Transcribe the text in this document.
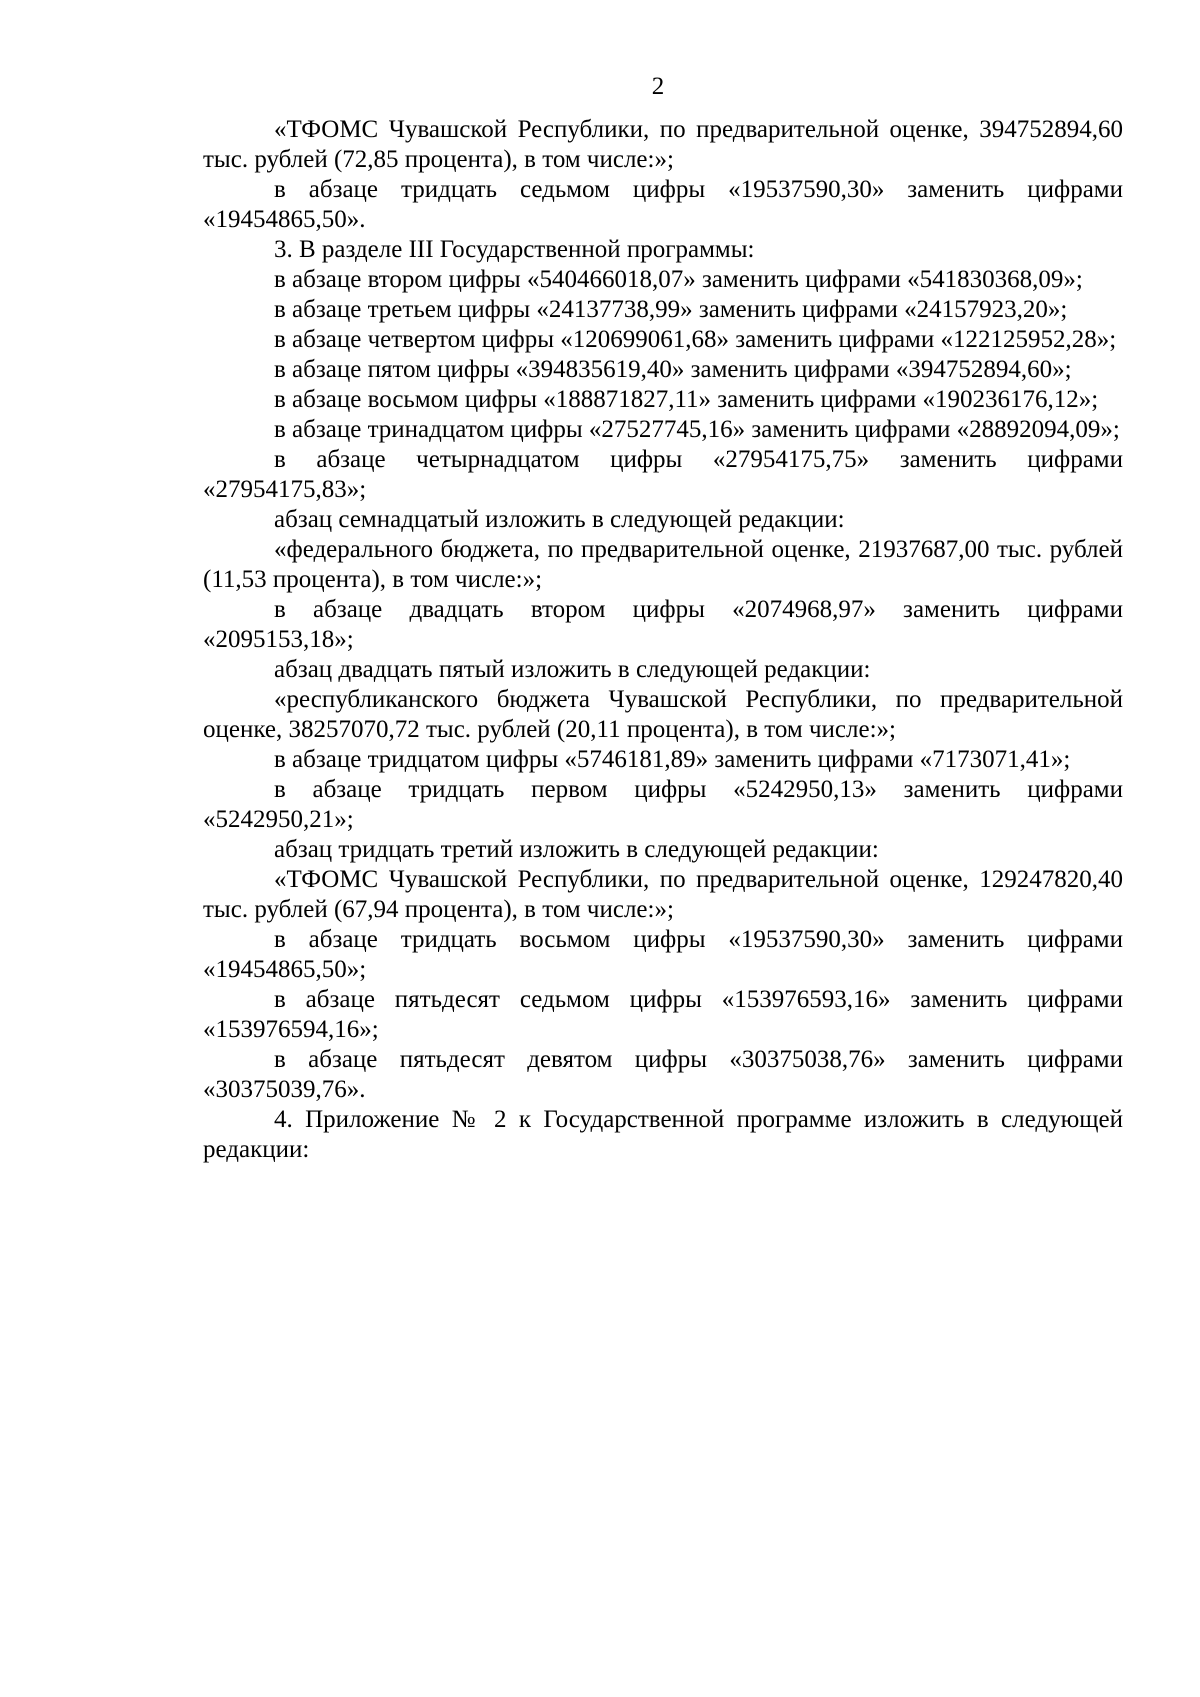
2

«ТФОМС Чувашской Республики, по предварительной оценке, 394752894,60 тыс. рублей (72,85 процента), в том числе:»;

в абзаце тридцать седьмом цифры «19537590,30» заменить цифрами «19454865,50».

3. В разделе III Государственной программы:

в абзаце втором цифры «540466018,07» заменить цифрами «541830368,09»;

в абзаце третьем цифры «24137738,99» заменить цифрами «24157923,20»;

в абзаце четвертом цифры «120699061,68» заменить цифрами «122125952,28»;

в абзаце пятом цифры «394835619,40» заменить цифрами «394752894,60»;

в абзаце восьмом цифры «188871827,11» заменить цифрами «190236176,12»;

в абзаце тринадцатом цифры «27527745,16» заменить цифрами «28892094,09»;

в абзаце четырнадцатом цифры «27954175,75» заменить цифрами «27954175,83»;

абзац семнадцатый изложить в следующей редакции:

«федерального бюджета, по предварительной оценке, 21937687,00 тыс. рублей (11,53 процента), в том числе:»;

в абзаце двадцать втором цифры «2074968,97» заменить цифрами «2095153,18»;

абзац двадцать пятый изложить в следующей редакции:

«республиканского бюджета Чувашской Республики, по предварительной оценке, 38257070,72 тыс. рублей (20,11 процента), в том числе:»;

в абзаце тридцатом цифры «5746181,89» заменить цифрами «7173071,41»;

в абзаце тридцать первом цифры «5242950,13» заменить цифрами «5242950,21»;

абзац тридцать третий изложить в следующей редакции:

«ТФОМС Чувашской Республики, по предварительной оценке, 129247820,40 тыс. рублей (67,94 процента), в том числе:»;

в абзаце тридцать восьмом цифры «19537590,30» заменить цифрами «19454865,50»;

в абзаце пятьдесят седьмом цифры «153976593,16» заменить цифрами «153976594,16»;

в абзаце пятьдесят девятом цифры «30375038,76» заменить цифрами «30375039,76».

4. Приложение № 2 к Государственной программе изложить в следующей редакции:
